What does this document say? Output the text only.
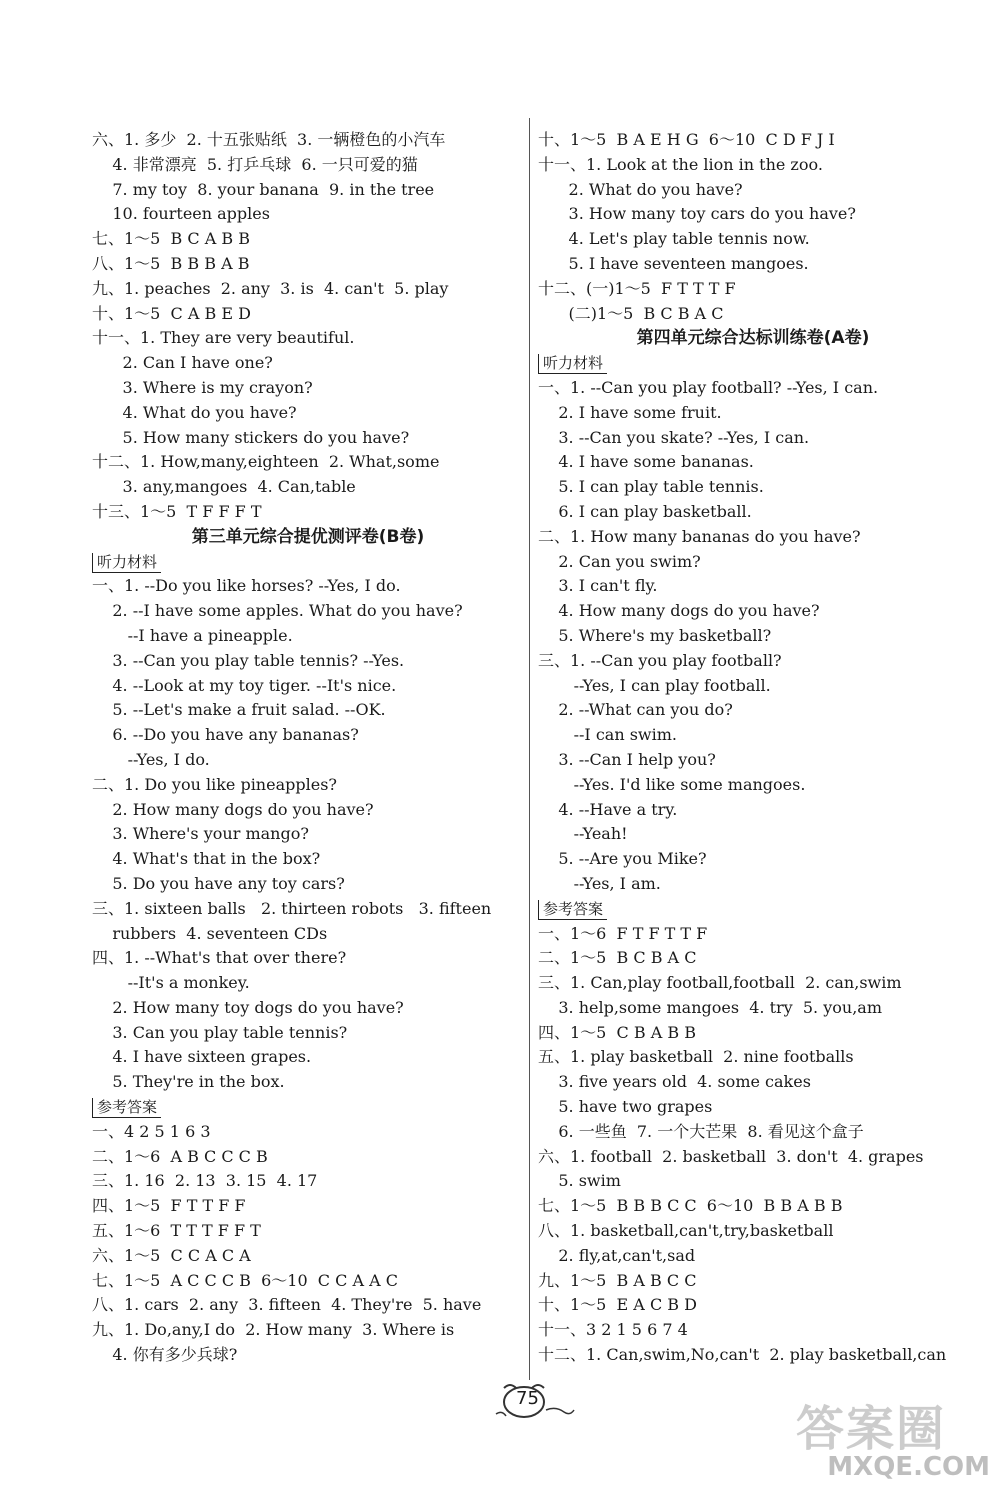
六、1. 多少  2. 十五张贴纸  3. 一辆橙色的小汽车
4. 非常漂亮  5. 打乒乓球  6. 一只可爱的猫
7. my toy  8. your banana  9. in the tree
10. fourteen apples
七、1～5  B C A B B
八、1～5  B B B A B
九、1. peaches  2. any  3. is  4. can't  5. play
十、1～5  C A B E D
十一、1. They are very beautiful.
2. Can I have one?
3. Where is my crayon?
4. What do you have?
5. How many stickers do you have?
十二、1. How,many,eighteen  2. What,some
3. any,mangoes  4. Can,table
十三、1～5  T F F F T
第三单元综合提优测评卷(B卷)
听力材料
一、1. --Do you like horses? --Yes, I do.
2. --I have some apples. What do you have?
--I have a pineapple.
3. --Can you play table tennis? --Yes.
4. --Look at my toy tiger. --It's nice.
5. --Let's make a fruit salad. --OK.
6. --Do you have any bananas?
--Yes, I do.
二、1. Do you like pineapples?
2. How many dogs do you have?
3. Where's your mango?
4. What's that in the box?
5. Do you have any toy cars?
三、1. sixteen balls   2. thirteen robots   3. fifteen
rubbers  4. seventeen CDs
四、1. --What's that over there?
--It's a monkey.
2. How many toy dogs do you have?
3. Can you play table tennis?
4. I have sixteen grapes.
5. They're in the box.
参考答案
一、4 2 5 1 6 3
二、1～6  A B C C C B
三、1. 16  2. 13  3. 15  4. 17
四、1～5  F T T F F
五、1～6  T T T F F T
六、1～5  C C A C A
七、1～5  A C C C B  6～10  C C A A C
八、1. cars  2. any  3. fifteen  4. They're  5. have
九、1. Do,any,I do  2. How many  3. Where is
4. 你有多少兵球?
十、1～5  B A E H G  6～10  C D F J I
十一、1. Look at the lion in the zoo.
2. What do you have?
3. How many toy cars do you have?
4. Let's play table tennis now.
5. I have seventeen mangoes.
十二、(一)1～5  F T T T F
(二)1～5  B C B A C
第四单元综合达标训练卷(A卷)
听力材料
一、1. --Can you play football? --Yes, I can.
2. I have some fruit.
3. --Can you skate? --Yes, I can.
4. I have some bananas.
5. I can play table tennis.
6. I can play basketball.
二、1. How many bananas do you have?
2. Can you swim?
3. I can't fly.
4. How many dogs do you have?
5. Where's my basketball?
三、1. --Can you play football?
--Yes, I can play football.
2. --What can you do?
--I can swim.
3. --Can I help you?
--Yes. I'd like some mangoes.
4. --Have a try.
--Yeah!
5. --Are you Mike?
--Yes, I am.
参考答案
一、1～6  F T F T T F
二、1～5  B C B A C
三、1. Can,play football,football  2. can,swim
3. help,some mangoes  4. try  5. you,am
四、1～5  C B A B B
五、1. play basketball  2. nine footballs
3. five years old  4. some cakes
5. have two grapes
6. 一些鱼  7. 一个大芒果  8. 看见这个盒子
六、1. football  2. basketball  3. don't  4. grapes
5. swim
七、1～5  B B B C C  6～10  B B A B B
八、1. basketball,can't,try,basketball
2. fly,at,can't,sad
九、1～5  B A B C C
十、1～5  E A C B D
十一、3 2 1 5 6 7 4
十二、1. Can,swim,No,can't  2. play basketball,can
75
答案圈
MXQE.COM
